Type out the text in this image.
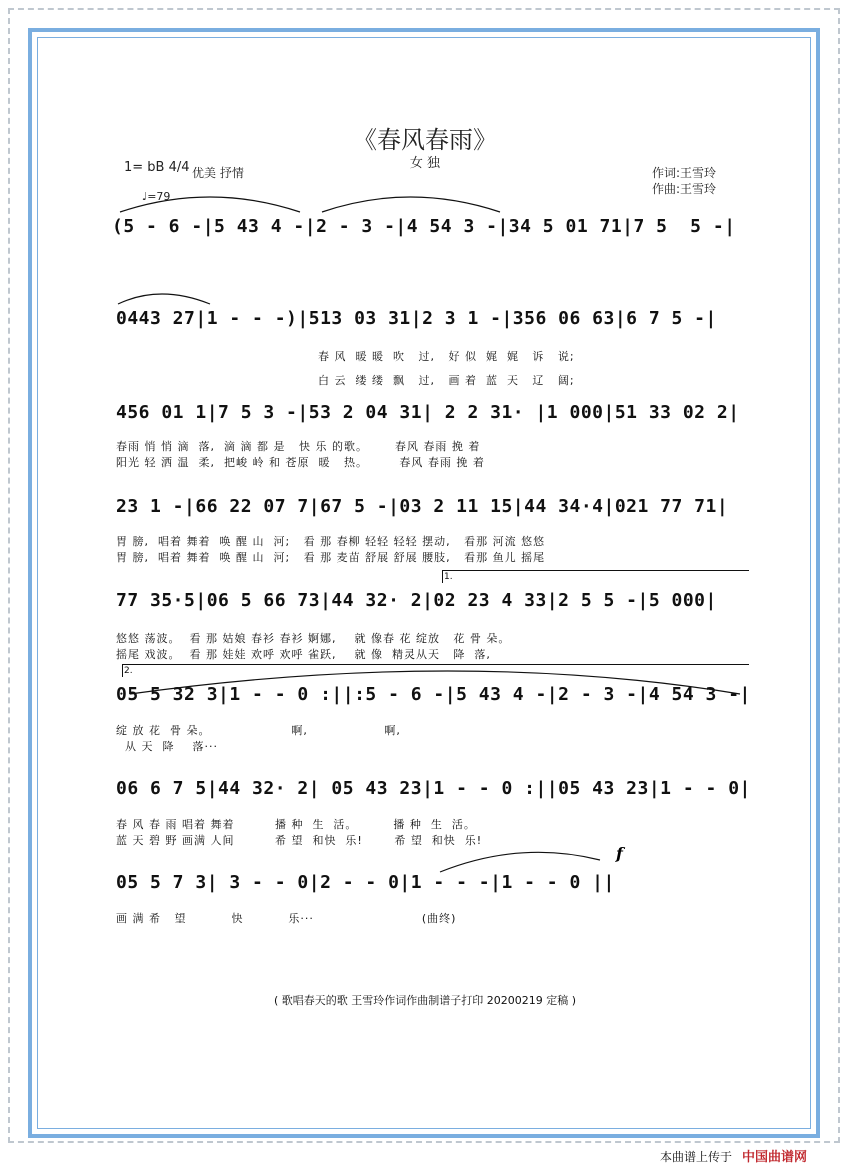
《春风春雨》
女 独
作词:王雪玲
作曲:王雪玲
1= bB 4/4 优美 抒情
♩=79
(5 - 6 -|5 43 4 -|2 - 3 -|4 54 3 -|34 5 01 71|7 5  5 -|
0443 27|1 - - -)|513 03 31|2 3 1 -|356 06 63|6 7 5 -|
春 风  暖 暖  吹   过,   好 似  娓  娓   诉   说;
白 云  缕 缕  飘   过,   画 着  蓝  天   辽   阔;
456 01 1|7 5 3 -|53 2 04 31| 2 2 31· |1 000|51 33 02 2|
春雨 悄 悄 滴  落,  滴 滴 都 是   快 乐 的歌。      春风 春雨 挽 着
阳光 轻 洒 温  柔,  把峻 岭 和 苍原  暖   热。       春风 春雨 挽 着
23 1 -|66 22 07 7|67 5 -|03 2 11 15|44 34·4|021 77 71|
胃 膀,  唱着 舞着  唤 醒 山  河;   看 那 春柳 轻轻 轻轻 摆动,   看那 河流 悠悠
胃 膀,  唱着 舞着  唤 醒 山  河;   看 那 麦苗 舒展 舒展 腰肢,   看那 鱼儿 摇尾
1.
77 35·5|06 5 66 73|44 32· 2|02 23 4 33|2 5 5 -|5 000|
悠悠 荡波。  看 那 姑娘 春衫 春衫 婀娜,    就 像春 花 绽放   花 骨 朵。
摇尾 戏波。  看 那 娃娃 欢呼 欢呼 雀跃,    就 像  精灵从天   降  落,
2.
05 5 32 3|1 - - 0 :||:5 - 6 -|5 43 4 -|2 - 3 -|4 54 3 -|
绽 放 花  骨 朵。                  啊,                 啊,
从 天  降    落···
06 6 7 5|44 32· 2| 05 43 23|1 - - 0 :||05 43 23|1 - - 0|
春 风 春 雨 唱着 舞着         播 种  生  活。        播 种  生  活。
蓝 天 碧 野 画满 人间         希 望  和快  乐!       希 望  和快  乐!
f
05 5 7 3| 3 - - 0|2 - - 0|1 - - -|1 - - 0 ||
画 满 希   望          快          乐···                        (曲终)
( 歌唱春天的歌 王雪玲作词作曲制谱子打印 20200219 定稿 )
本曲谱上传于 中国曲谱网
